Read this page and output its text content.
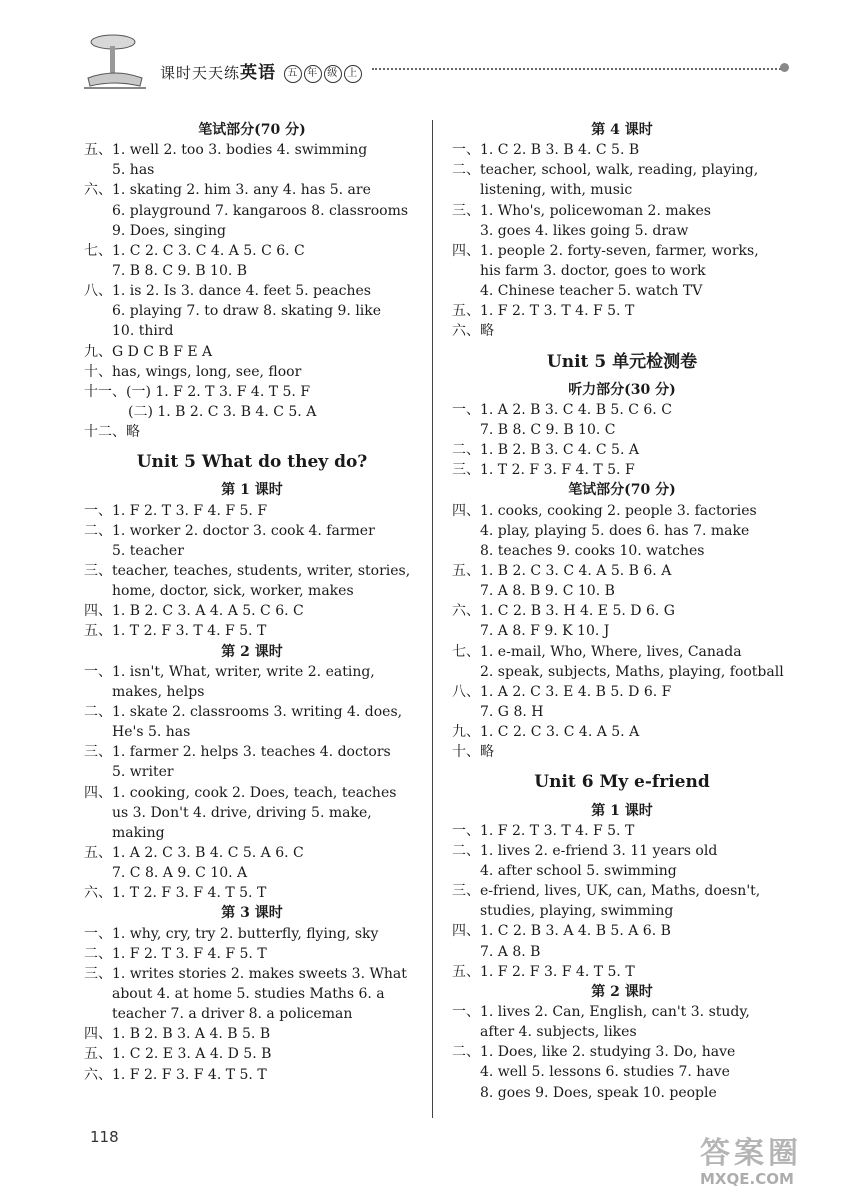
课时天天练英语 五 年 级 上
笔试部分(70 分)
五、1. well 2. too 3. bodies 4. swimming
5. has
六、1. skating 2. him 3. any 4. has 5. are
6. playground 7. kangaroos 8. classrooms
9. Does, singing
七、1. C 2. C 3. C 4. A 5. C 6. C
7. B 8. C 9. B 10. B
八、1. is 2. Is 3. dance 4. feet 5. peaches
6. playing 7. to draw 8. skating 9. like
10. third
九、G D C B F E A
十、has, wings, long, see, floor
十一、(一) 1. F 2. T 3. F 4. T 5. F
(二) 1. B 2. C 3. B 4. C 5. A
十二、略
Unit 5 What do they do?
第 1 课时
一、1. F 2. T 3. F 4. F 5. F
二、1. worker 2. doctor 3. cook 4. farmer
5. teacher
三、teacher, teaches, students, writer, stories,
home, doctor, sick, worker, makes
四、1. B 2. C 3. A 4. A 5. C 6. C
五、1. T 2. F 3. T 4. F 5. T
第 2 课时
一、1. isn't, What, writer, write 2. eating,
makes, helps
二、1. skate 2. classrooms 3. writing 4. does,
He's 5. has
三、1. farmer 2. helps 3. teaches 4. doctors
5. writer
四、1. cooking, cook 2. Does, teach, teaches
us 3. Don't 4. drive, driving 5. make,
making
五、1. A 2. C 3. B 4. C 5. A 6. C
7. C 8. A 9. C 10. A
六、1. T 2. F 3. F 4. T 5. T
第 3 课时
一、1. why, cry, try 2. butterfly, flying, sky
二、1. F 2. T 3. F 4. F 5. T
三、1. writes stories 2. makes sweets 3. What
about 4. at home 5. studies Maths 6. a
teacher 7. a driver 8. a policeman
四、1. B 2. B 3. A 4. B 5. B
五、1. C 2. E 3. A 4. D 5. B
六、1. F 2. F 3. F 4. T 5. T
第 4 课时
一、1. C 2. B 3. B 4. C 5. B
二、teacher, school, walk, reading, playing,
listening, with, music
三、1. Who's, policewoman 2. makes
3. goes 4. likes going 5. draw
四、1. people 2. forty-seven, farmer, works,
his farm 3. doctor, goes to work
4. Chinese teacher 5. watch TV
五、1. F 2. T 3. T 4. F 5. T
六、略
Unit 5 单元检测卷
听力部分(30 分)
一、1. A 2. B 3. C 4. B 5. C 6. C
7. B 8. C 9. B 10. C
二、1. B 2. B 3. C 4. C 5. A
三、1. T 2. F 3. F 4. T 5. F
笔试部分(70 分)
四、1. cooks, cooking 2. people 3. factories
4. play, playing 5. does 6. has 7. make
8. teaches 9. cooks 10. watches
五、1. B 2. C 3. C 4. A 5. B 6. A
7. A 8. B 9. C 10. B
六、1. C 2. B 3. H 4. E 5. D 6. G
7. A 8. F 9. K 10. J
七、1. e-mail, Who, Where, lives, Canada
2. speak, subjects, Maths, playing, football
八、1. A 2. C 3. E 4. B 5. D 6. F
7. G 8. H
九、1. C 2. C 3. C 4. A 5. A
十、略
Unit 6 My e-friend
第 1 课时
一、1. F 2. T 3. T 4. F 5. T
二、1. lives 2. e-friend 3. 11 years old
4. after school 5. swimming
三、e-friend, lives, UK, can, Maths, doesn't,
studies, playing, swimming
四、1. C 2. B 3. A 4. B 5. A 6. B
7. A 8. B
五、1. F 2. F 3. F 4. T 5. T
第 2 课时
一、1. lives 2. Can, English, can't 3. study,
after 4. subjects, likes
二、1. Does, like 2. studying 3. Do, have
4. well 5. lessons 6. studies 7. have
8. goes 9. Does, speak 10. people
118	答案圈
MXQE.COM
